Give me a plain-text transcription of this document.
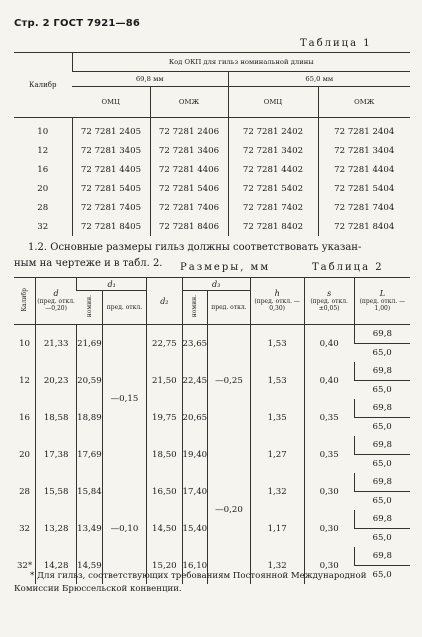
Стр. 2 ГОСТ 7921—86
Таблица 1
Калибр	Код ОКП для гильз номинальной длины			
	69,8 мм		65,0 мм	
	ОМЦ	ОМЖ	ОМЦ	ОМЖ

10	72 7281 2405	72 7281 2406	72 7281 2402	72 7281 2404
12	72 7281 3405	72 7281 3406	72 7281 3402	72 7281 3404
16	72 7281 4405	72 7281 4406	72 7281 4402	72 7281 4404
20	72 7281 5405	72 7281 5406	72 7281 5402	72 7281 5404
28	72 7281 7405	72 7281 7406	72 7281 7402	72 7281 7404
32	72 7281 8405	72 7281 8406	72 7281 8402	72 7281 8404
1.2. Основные размеры гильз должны соответствовать указан-
ным на чертеже и в табл. 2.	Размеры, мм	Таблица 2
Калибр	d
(пред. откл. —0,20)	d₁		d₂	d₃		h
(пред. откл. —0,30)	s
(пред. откл. ±0,05)	L
(пред. откл. —1,00)
		номин.	пред. откл.		номин.	пред. откл.			
10	21,33	21,69	—0,15	22,75	23,65	—0,25	1,53	0,40	69,8
									65,0
12	20,23	20,59		21,50	22,45		1,53	0,40	69,8
									65,0
16	18,58	18,89		19,75	20,65		1,35	0,35	69,8
									65,0
20	17,38	17,69		18,50	19,40	—0,20	1,27	0,35	69,8
									65,0
28	15,58	15,84	—0,10	16,50	17,40		1,32	0,30	69,8
									65,0
32	13,28	13,49		14,50	15,40		1,17	0,30	69,8
									65,0
32*	14,28	14,59		15,20	16,10		1,32	0,30	69,8
									65,0
* Для гильз, соответствующих требованиям Постоянной Международной
Комиссии Брюссельской конвенции.
